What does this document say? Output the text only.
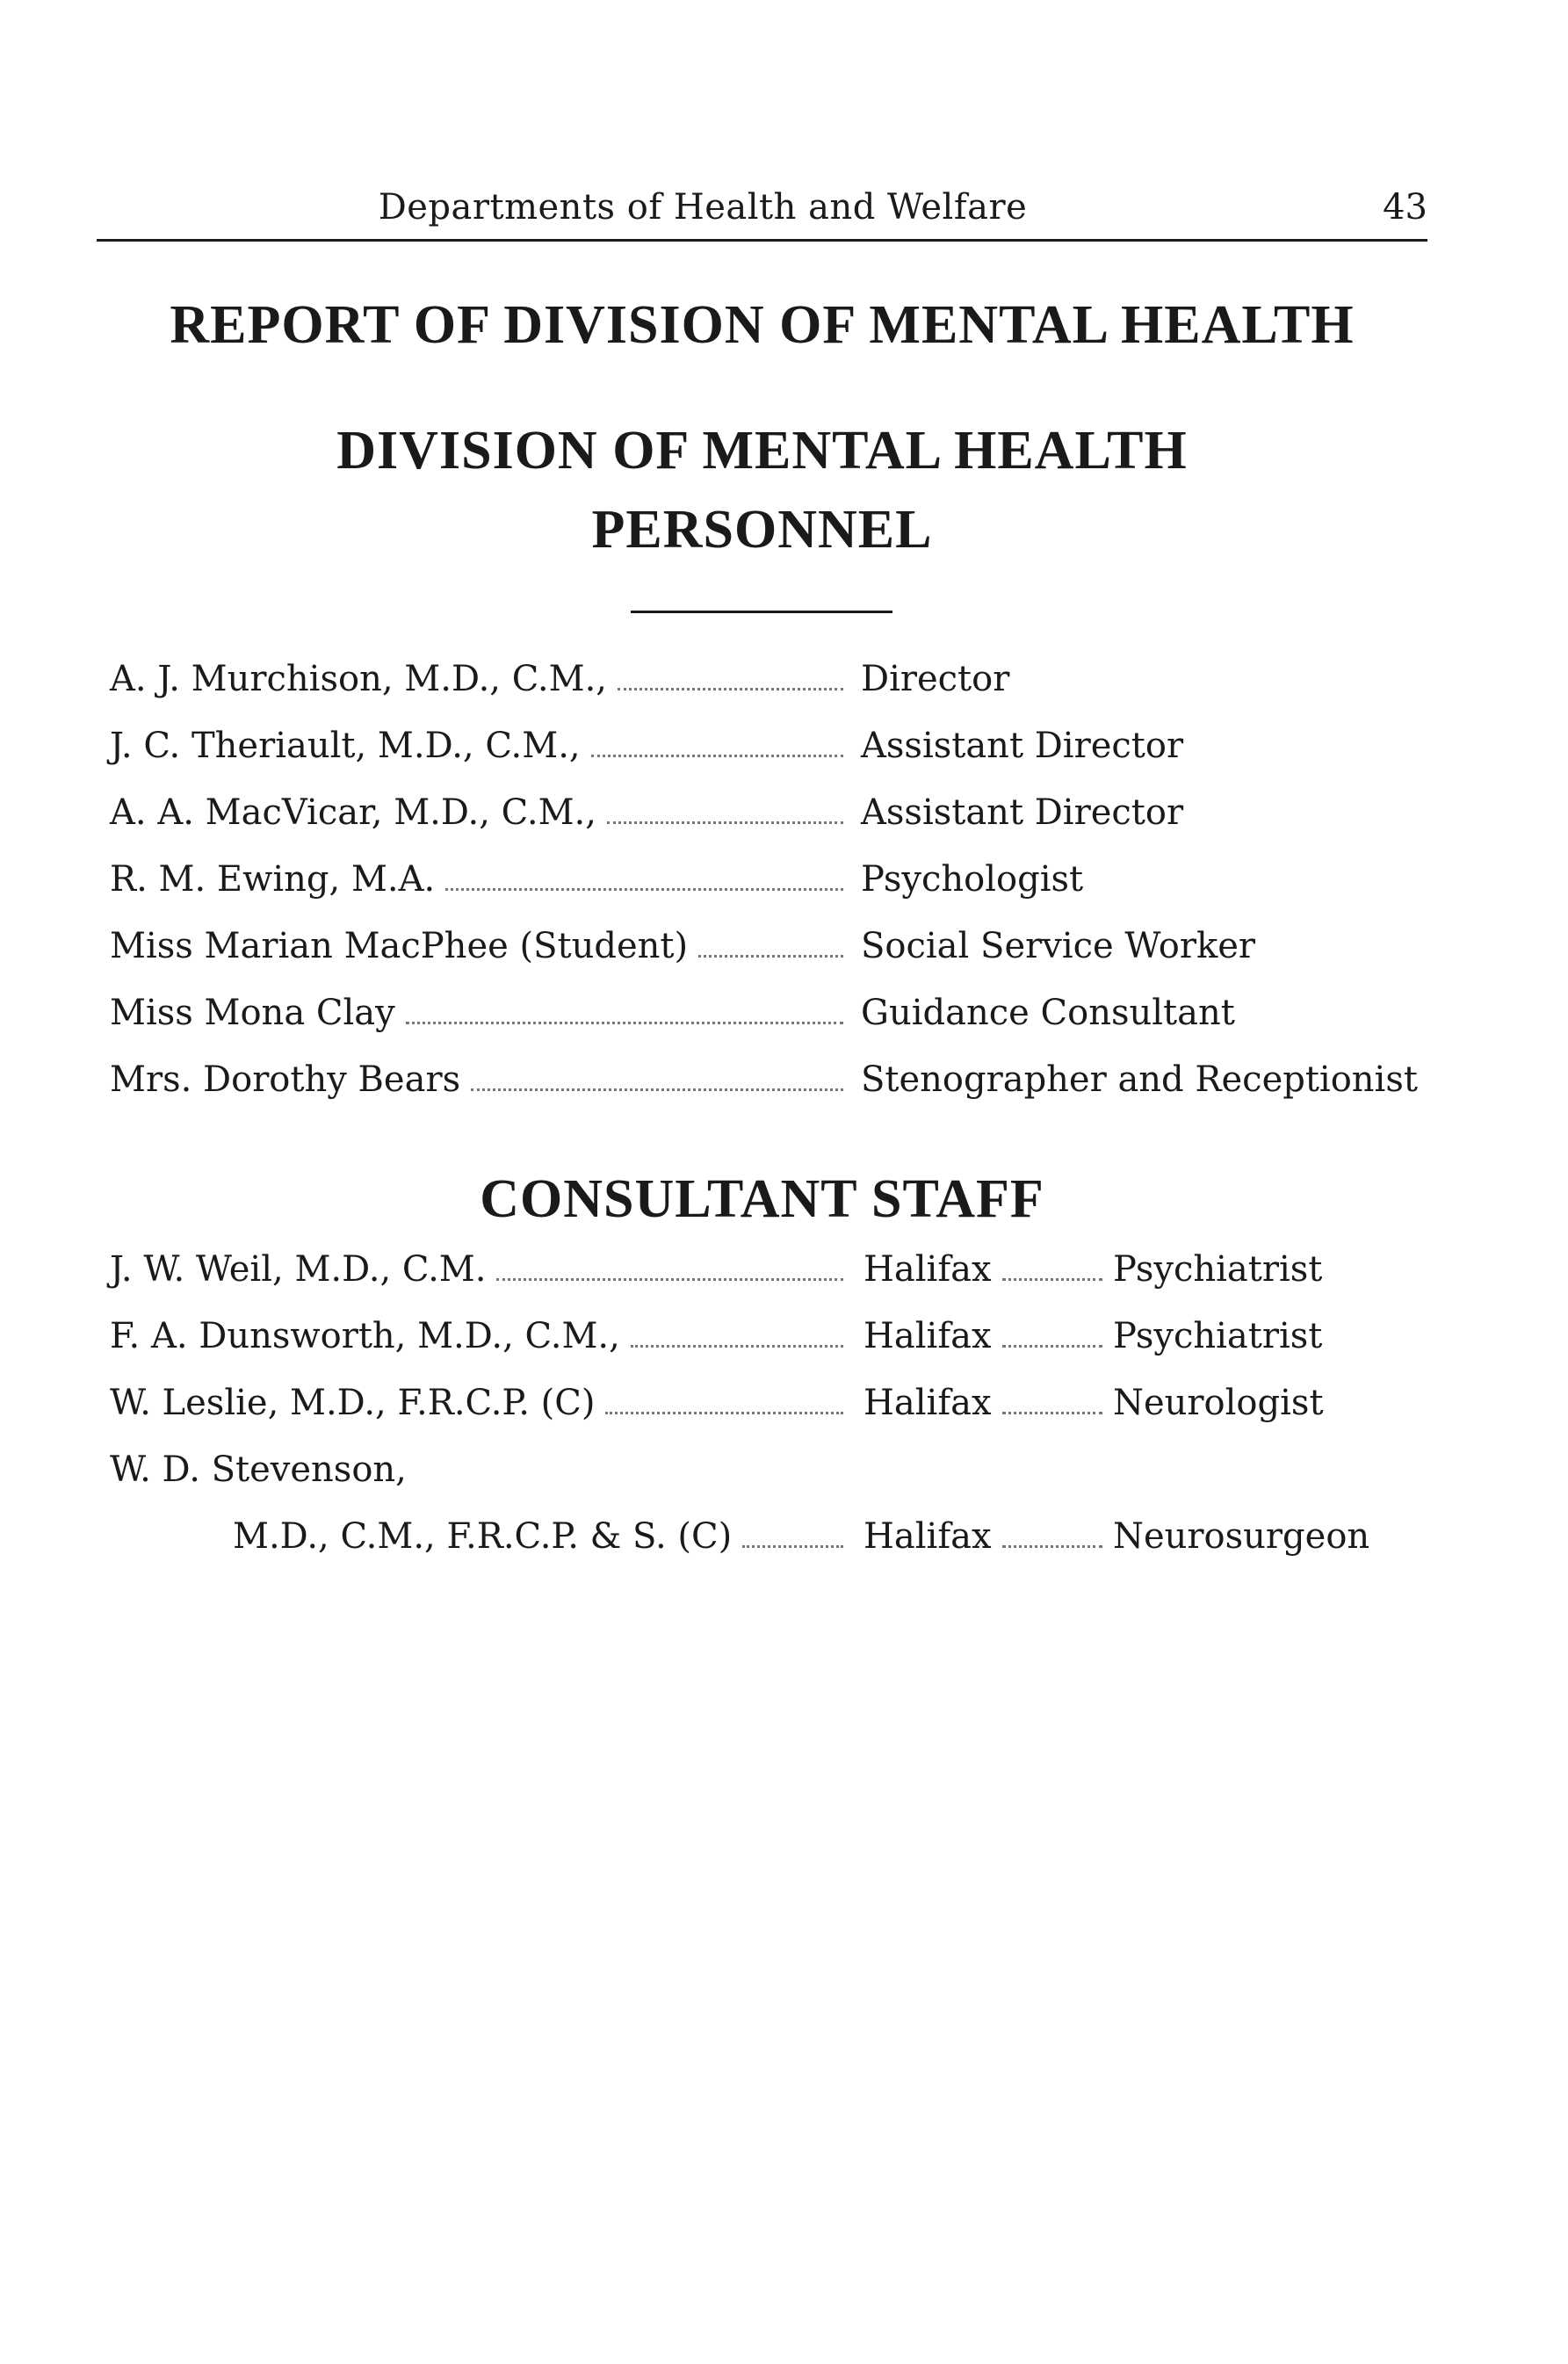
Departments of Health and Welfare	43
REPORT OF DIVISION OF MENTAL HEALTH
DIVISION OF MENTAL HEALTH
PERSONNEL
A. J. Murchison, M.D., C.M.,	Director
J. C. Theriault, M.D., C.M.,	Assistant Director
A. A. MacVicar, M.D., C.M.,	Assistant Director
R. M. Ewing, M.A.	Psychologist
Miss Marian MacPhee (Student)	Social Service Worker
Miss Mona Clay	Guidance Consultant
Mrs. Dorothy Bears	Stenographer and Receptionist
CONSULTANT STAFF
J. W. Weil, M.D., C.M.	Halifax	Psychiatrist
F. A. Dunsworth, M.D., C.M.,	Halifax	Psychiatrist
W. Leslie, M.D., F.R.C.P. (C)	Halifax	Neurologist
W. D. Stevenson,
M.D., C.M., F.R.C.P. & S. (C)	Halifax	Neurosurgeon
